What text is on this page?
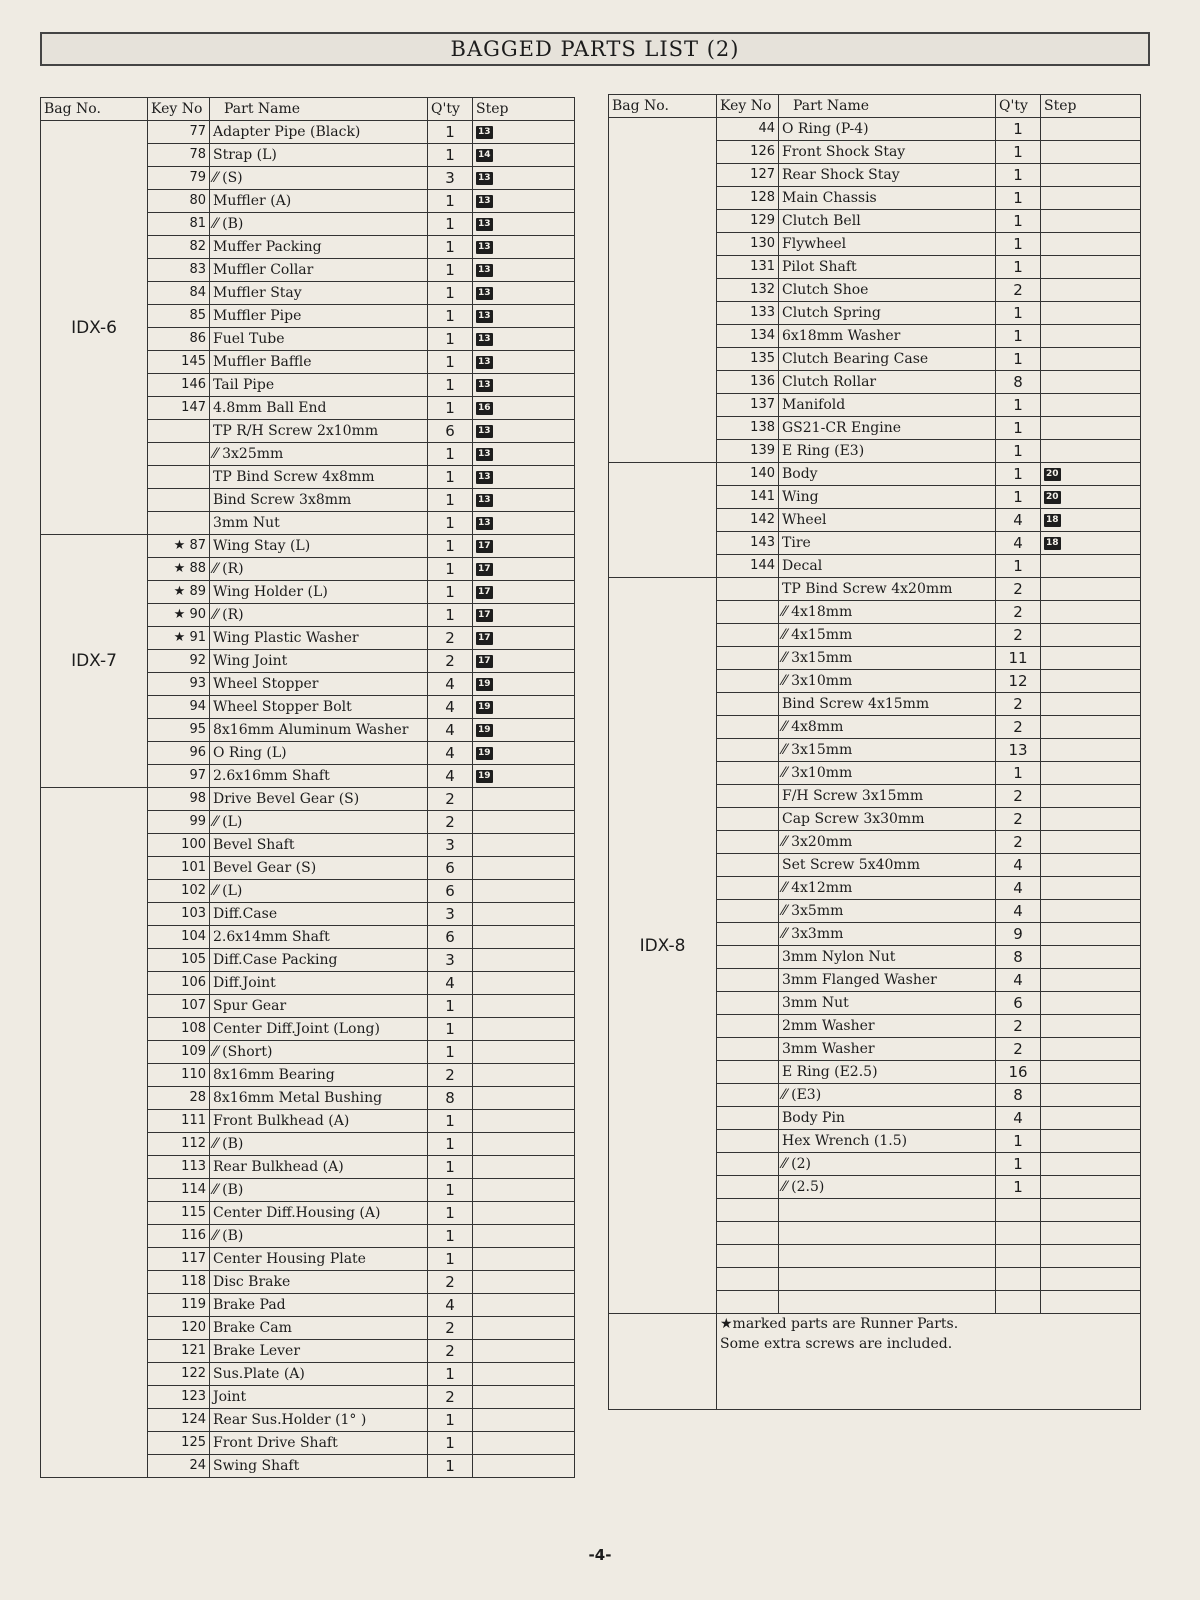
BAGGED PARTS LIST (2)
Bag No.	Key No	Part Name	Q'ty	Step
IDX-6	77	Adapter Pipe (Black)	1	13
	78	Strap (L)	1	14
	79	⁄⁄ (S)	3	13
	80	Muffler (A)	1	13
	81	⁄⁄ (B)	1	13
	82	Muffer Packing	1	13
	83	Muffler Collar	1	13
	84	Muffler Stay	1	13
	85	Muffler Pipe	1	13
	86	Fuel Tube	1	13
	145	Muffler Baffle	1	13
	146	Tail Pipe	1	13
	147	4.8mm Ball End	1	16
		TP R/H Screw 2x10mm	6	13
		⁄⁄ 3x25mm	1	13
		TP Bind Screw 4x8mm	1	13
		Bind Screw 3x8mm	1	13
		3mm Nut	1	13
IDX-7	★ 87	Wing Stay (L)	1	17
	★ 88	⁄⁄ (R)	1	17
	★ 89	Wing Holder (L)	1	17
	★ 90	⁄⁄ (R)	1	17
	★ 91	Wing Plastic Washer	2	17
	92	Wing Joint	2	17
	93	Wheel Stopper	4	19
	94	Wheel Stopper Bolt	4	19
	95	8x16mm Aluminum Washer	4	19
	96	O Ring (L)	4	19
	97	2.6x16mm Shaft	4	19
	98	Drive Bevel Gear (S)	2	
	99	⁄⁄ (L)	2	
	100	Bevel Shaft	3	
	101	Bevel Gear (S)	6	
	102	⁄⁄ (L)	6	
	103	Diff.Case	3	
	104	2.6x14mm Shaft	6	
	105	Diff.Case Packing	3	
	106	Diff.Joint	4	
	107	Spur Gear	1	
	108	Center Diff.Joint (Long)	1	
	109	⁄⁄ (Short)	1	
	110	8x16mm Bearing	2	
	28	8x16mm Metal Bushing	8	
	111	Front Bulkhead (A)	1	
	112	⁄⁄ (B)	1	
	113	Rear Bulkhead (A)	1	
	114	⁄⁄ (B)	1	
	115	Center Diff.Housing (A)	1	
	116	⁄⁄ (B)	1	
	117	Center Housing Plate	1	
	118	Disc Brake	2	
	119	Brake Pad	4	
	120	Brake Cam	2	
	121	Brake Lever	2	
	122	Sus.Plate (A)	1	
	123	Joint	2	
	124	Rear Sus.Holder (1° )	1	
	125	Front Drive Shaft	1	
	24	Swing Shaft	1	
Bag No.	Key No	Part Name	Q'ty	Step
	44	O Ring (P-4)	1	
	126	Front Shock Stay	1	
	127	Rear Shock Stay	1	
	128	Main Chassis	1	
	129	Clutch Bell	1	
	130	Flywheel	1	
	131	Pilot Shaft	1	
	132	Clutch Shoe	2	
	133	Clutch Spring	1	
	134	6x18mm Washer	1	
	135	Clutch Bearing Case	1	
	136	Clutch Rollar	8	
	137	Manifold	1	
	138	GS21-CR Engine	1	
	139	E Ring (E3)	1	
	140	Body	1	20
	141	Wing	1	20
	142	Wheel	4	18
	143	Tire	4	18
	144	Decal	1	
IDX-8		TP Bind Screw 4x20mm	2	
		⁄⁄ 4x18mm	2	
		⁄⁄ 4x15mm	2	
		⁄⁄ 3x15mm	11	
		⁄⁄ 3x10mm	12	
		Bind Screw 4x15mm	2	
		⁄⁄ 4x8mm	2	
		⁄⁄ 3x15mm	13	
		⁄⁄ 3x10mm	1	
		F/H Screw 3x15mm	2	
		Cap Screw 3x30mm	2	
		⁄⁄ 3x20mm	2	
		Set Screw 5x40mm	4	
		⁄⁄ 4x12mm	4	
		⁄⁄ 3x5mm	4	
		⁄⁄ 3x3mm	9	
		3mm Nylon Nut	8	
		3mm Flanged Washer	4	
		3mm Nut	6	
		2mm Washer	2	
		3mm Washer	2	
		E Ring (E2.5)	16	
		⁄⁄ (E3)	8	
		Body Pin	4	
		Hex Wrench (1.5)	1	
		⁄⁄ (2)	1	
		⁄⁄ (2.5)	1	

	★marked parts are Runner Parts.
Some extra screws are included.			
-4-
